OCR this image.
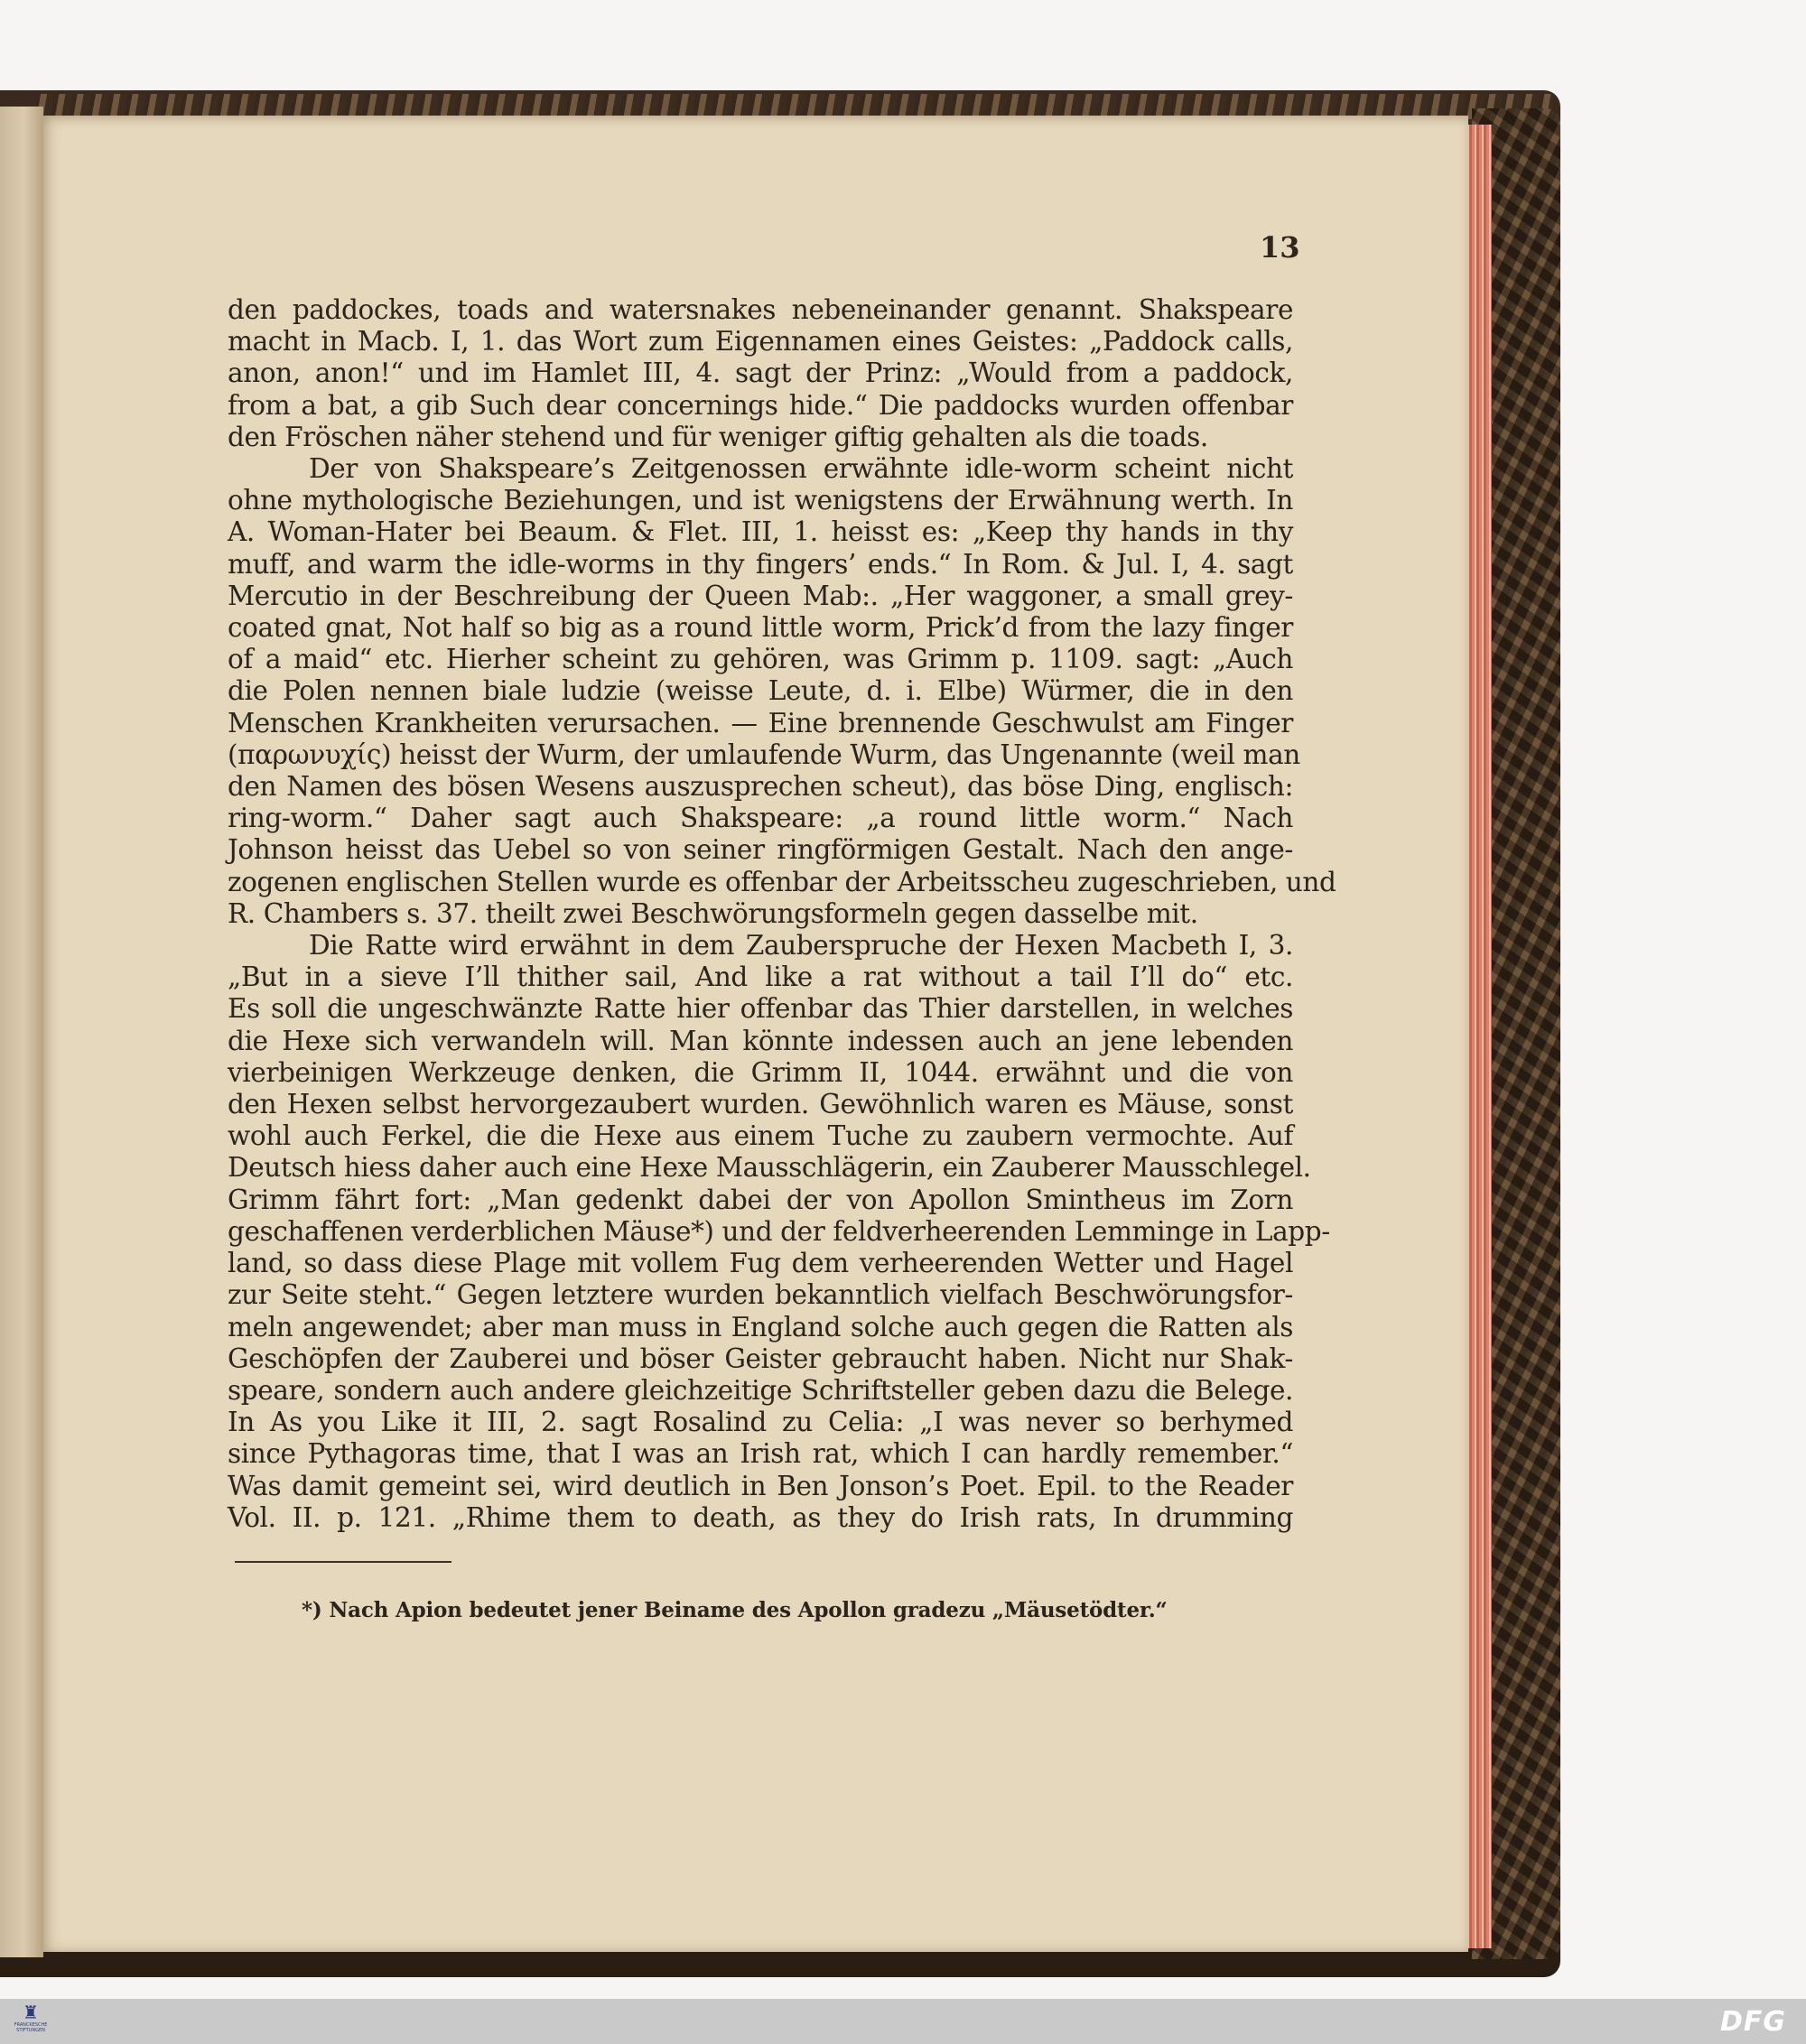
13
den paddockes, toads and watersnakes nebeneinander genannt. Shakspeare
macht in Macb. I, 1. das Wort zum Eigennamen eines Geistes: „Paddock calls,
anon, anon!“ und im Hamlet III, 4. sagt der Prinz: „Would from a paddock,
from a bat, a gib Such dear concernings hide.“ Die paddocks wurden offenbar
den Fröschen näher stehend und für weniger giftig gehalten als die toads.
Der von Shakspeare’s Zeitgenossen erwähnte idle-worm scheint nicht
ohne mythologische Beziehungen, und ist wenigstens der Erwähnung werth. In
A. Woman-Hater bei Beaum. & Flet. III, 1. heisst es: „Keep thy hands in thy
muff, and warm the idle-worms in thy fingers’ ends.“ In Rom. & Jul. I, 4. sagt
Mercutio in der Beschreibung der Queen Mab:. „Her waggoner, a small grey-
coated gnat, Not half so big as a round little worm, Prick’d from the lazy finger
of a maid“ etc. Hierher scheint zu gehören, was Grimm p. 1109. sagt: „Auch
die Polen nennen biale ludzie (weisse Leute, d. i. Elbe) Würmer, die in den
Menschen Krankheiten verursachen. — Eine brennende Geschwulst am Finger
(παρωνυχίς) heisst der Wurm, der umlaufende Wurm, das Ungenannte (weil man
den Namen des bösen Wesens auszusprechen scheut), das böse Ding, englisch:
ring-worm.“ Daher sagt auch Shakspeare: „a round little worm.“ Nach
Johnson heisst das Uebel so von seiner ringförmigen Gestalt. Nach den ange-
zogenen englischen Stellen wurde es offenbar der Arbeitsscheu zugeschrieben, und
R. Chambers s. 37. theilt zwei Beschwörungsformeln gegen dasselbe mit.
Die Ratte wird erwähnt in dem Zauberspruche der Hexen Macbeth I, 3.
„But in a sieve I’ll thither sail, And like a rat without a tail I’ll do“ etc.
Es soll die ungeschwänzte Ratte hier offenbar das Thier darstellen, in welches
die Hexe sich verwandeln will. Man könnte indessen auch an jene lebenden
vierbeinigen Werkzeuge denken, die Grimm II, 1044. erwähnt und die von
den Hexen selbst hervorgezaubert wurden. Gewöhnlich waren es Mäuse, sonst
wohl auch Ferkel, die die Hexe aus einem Tuche zu zaubern vermochte. Auf
Deutsch hiess daher auch eine Hexe Mausschlägerin, ein Zauberer Mausschlegel.
Grimm fährt fort: „Man gedenkt dabei der von Apollon Smintheus im Zorn
geschaffenen verderblichen Mäuse*) und der feldverheerenden Lemminge in Lapp-
land, so dass diese Plage mit vollem Fug dem verheerenden Wetter und Hagel
zur Seite steht.“ Gegen letztere wurden bekanntlich vielfach Beschwörungsfor-
meln angewendet; aber man muss in England solche auch gegen die Ratten als
Geschöpfen der Zauberei und böser Geister gebraucht haben. Nicht nur Shak-
speare, sondern auch andere gleichzeitige Schriftsteller geben dazu die Belege.
In As you Like it III, 2. sagt Rosalind zu Celia: „I was never so berhymed
since Pythagoras time, that I was an Irish rat, which I can hardly remember.“
Was damit gemeint sei, wird deutlich in Ben Jonson’s Poet. Epil. to the Reader
Vol. II. p. 121. „Rhime them to death, as they do Irish rats, In drumming
*) Nach Apion bedeutet jener Beiname des Apollon gradezu „Mäusetödter.“
♜
FRANCKESCHE STIFTUNGEN	DFG
